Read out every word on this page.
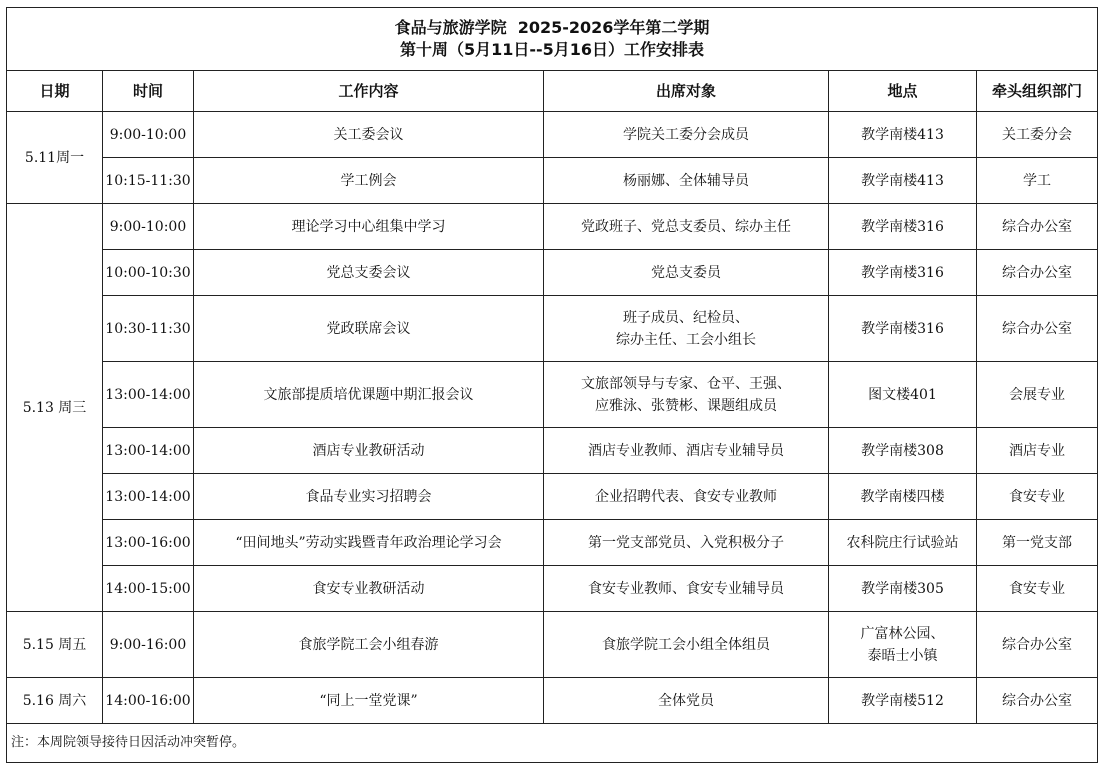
食品与旅游学院  2025-2026学年第二学期
第十周（5月11日--5月16日）工作安排表					

日期	时间	工作内容	出席对象	地点	牵头组织部门
5.11周一	9:00-10:00	关工委会议	学院关工委分会成员	教学南楼413	关工委分会
	10:15-11:30	学工例会	杨丽娜、全体辅导员	教学南楼413	学工
5.13 周三	9:00-10:00	理论学习中心组集中学习	党政班子、党总支委员、综办主任	教学南楼316	综合办公室
	10:00-10:30	党总支委会议	党总支委员	教学南楼316	综合办公室
	10:30-11:30	党政联席会议	班子成员、纪检员、
综办主任、工会小组长	教学南楼316	综合办公室
	13:00-14:00	文旅部提质培优课题中期汇报会议	文旅部领导与专家、仓平、王强、
应雅泳、张赞彬、课题组成员	图文楼401	会展专业
	13:00-14:00	酒店专业教研活动	酒店专业教师、酒店专业辅导员	教学南楼308	酒店专业
	13:00-14:00	食品专业实习招聘会	企业招聘代表、食安专业教师	教学南楼四楼	食安专业
	13:00-16:00	“田间地头”劳动实践暨青年政治理论学习会	第一党支部党员、入党积极分子	农科院庄行试验站	第一党支部
	14:00-15:00	食安专业教研活动	食安专业教师、食安专业辅导员	教学南楼305	食安专业
5.15 周五	9:00-16:00	食旅学院工会小组春游	食旅学院工会小组全体组员	广富林公园、
泰晤士小镇	综合办公室
5.16 周六	14:00-16:00	“同上一堂党课”	全体党员	教学南楼512	综合办公室
注：本周院领导接待日因活动冲突暂停。					
